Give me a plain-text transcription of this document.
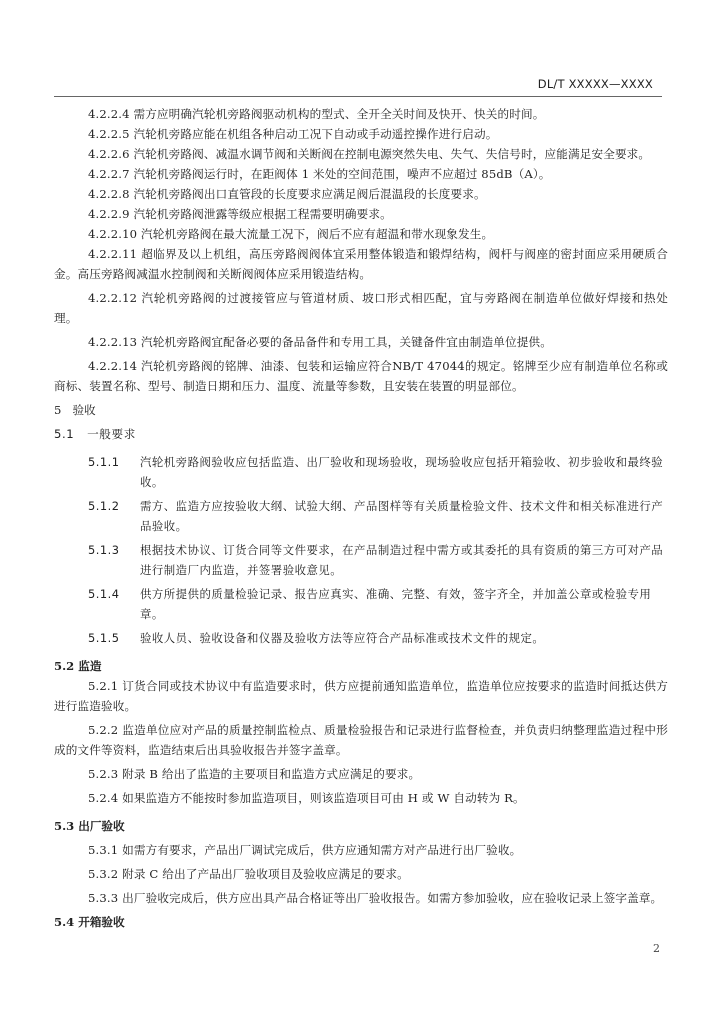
DL/T XXXXX—XXXX

4.2.2.4 需方应明确汽轮机旁路阀驱动机构的型式、全开全关时间及快开、快关的时间。

4.2.2.5 汽轮机旁路应能在机组各种启动工况下自动或手动遥控操作进行启动。

4.2.2.6 汽轮机旁路阀、减温水调节阀和关断阀在控制电源突然失电、失气、失信号时，应能满足安全要求。

4.2.2.7 汽轮机旁路阀运行时，在距阀体 1 米处的空间范围，噪声不应超过 85dB（A）。

4.2.2.8 汽轮机旁路阀出口直管段的长度要求应满足阀后混温段的长度要求。

4.2.2.9 汽轮机旁路阀泄露等级应根据工程需要明确要求。

4.2.2.10 汽轮机旁路阀在最大流量工况下，阀后不应有超温和带水现象发生。

4.2.2.11 超临界及以上机组，高压旁路阀阀体宜采用整体锻造和锻焊结构，阀杆与阀座的密封面应采用硬质合金。高压旁路阀减温水控制阀和关断阀阀体应采用锻造结构。

4.2.2.12 汽轮机旁路阀的过渡接管应与管道材质、坡口形式相匹配，宜与旁路阀在制造单位做好焊接和热处理。

4.2.2.13 汽轮机旁路阀宜配备必要的备品备件和专用工具，关键备件宜由制造单位提供。

4.2.2.14 汽轮机旁路阀的铭牌、油漆、包装和运输应符合NB/T 47044的规定。铭牌至少应有制造单位名称或商标、装置名称、型号、制造日期和压力、温度、流量等参数，且安装在装置的明显部位。

5 验收

5.1 一般要求

5.1.1 汽轮机旁路阀验收应包括监造、出厂验收和现场验收，现场验收应包括开箱验收、初步验收和最终验收。

5.1.2 需方、监造方应按验收大纲、试验大纲、产品图样等有关质量检验文件、技术文件和相关标准进行产品验收。

5.1.3 根据技术协议、订货合同等文件要求，在产品制造过程中需方或其委托的具有资质的第三方可对产品进行制造厂内监造，并签署验收意见。

5.1.4 供方所提供的质量检验记录、报告应真实、准确、完整、有效，签字齐全，并加盖公章或检验专用章。

5.1.5 验收人员、验收设备和仪器及验收方法等应符合产品标准或技术文件的规定。

5.2 监造

5.2.1 订货合同或技术协议中有监造要求时，供方应提前通知监造单位，监造单位应按要求的监造时间抵达供方进行监造验收。

5.2.2 监造单位应对产品的质量控制监检点、质量检验报告和记录进行监督检查，并负责归纳整理监造过程中形成的文件等资料，监造结束后出具验收报告并签字盖章。

5.2.3 附录 B 给出了监造的主要项目和监造方式应满足的要求。

5.2.4 如果监造方不能按时参加监造项目，则该监造项目可由 H 或 W 自动转为 R。

5.3 出厂验收

5.3.1 如需方有要求，产品出厂调试完成后，供方应通知需方对产品进行出厂验收。

5.3.2 附录 C 给出了产品出厂验收项目及验收应满足的要求。

5.3.3 出厂验收完成后，供方应出具产品合格证等出厂验收报告。如需方参加验收，应在验收记录上签字盖章。

5.4 开箱验收

2
